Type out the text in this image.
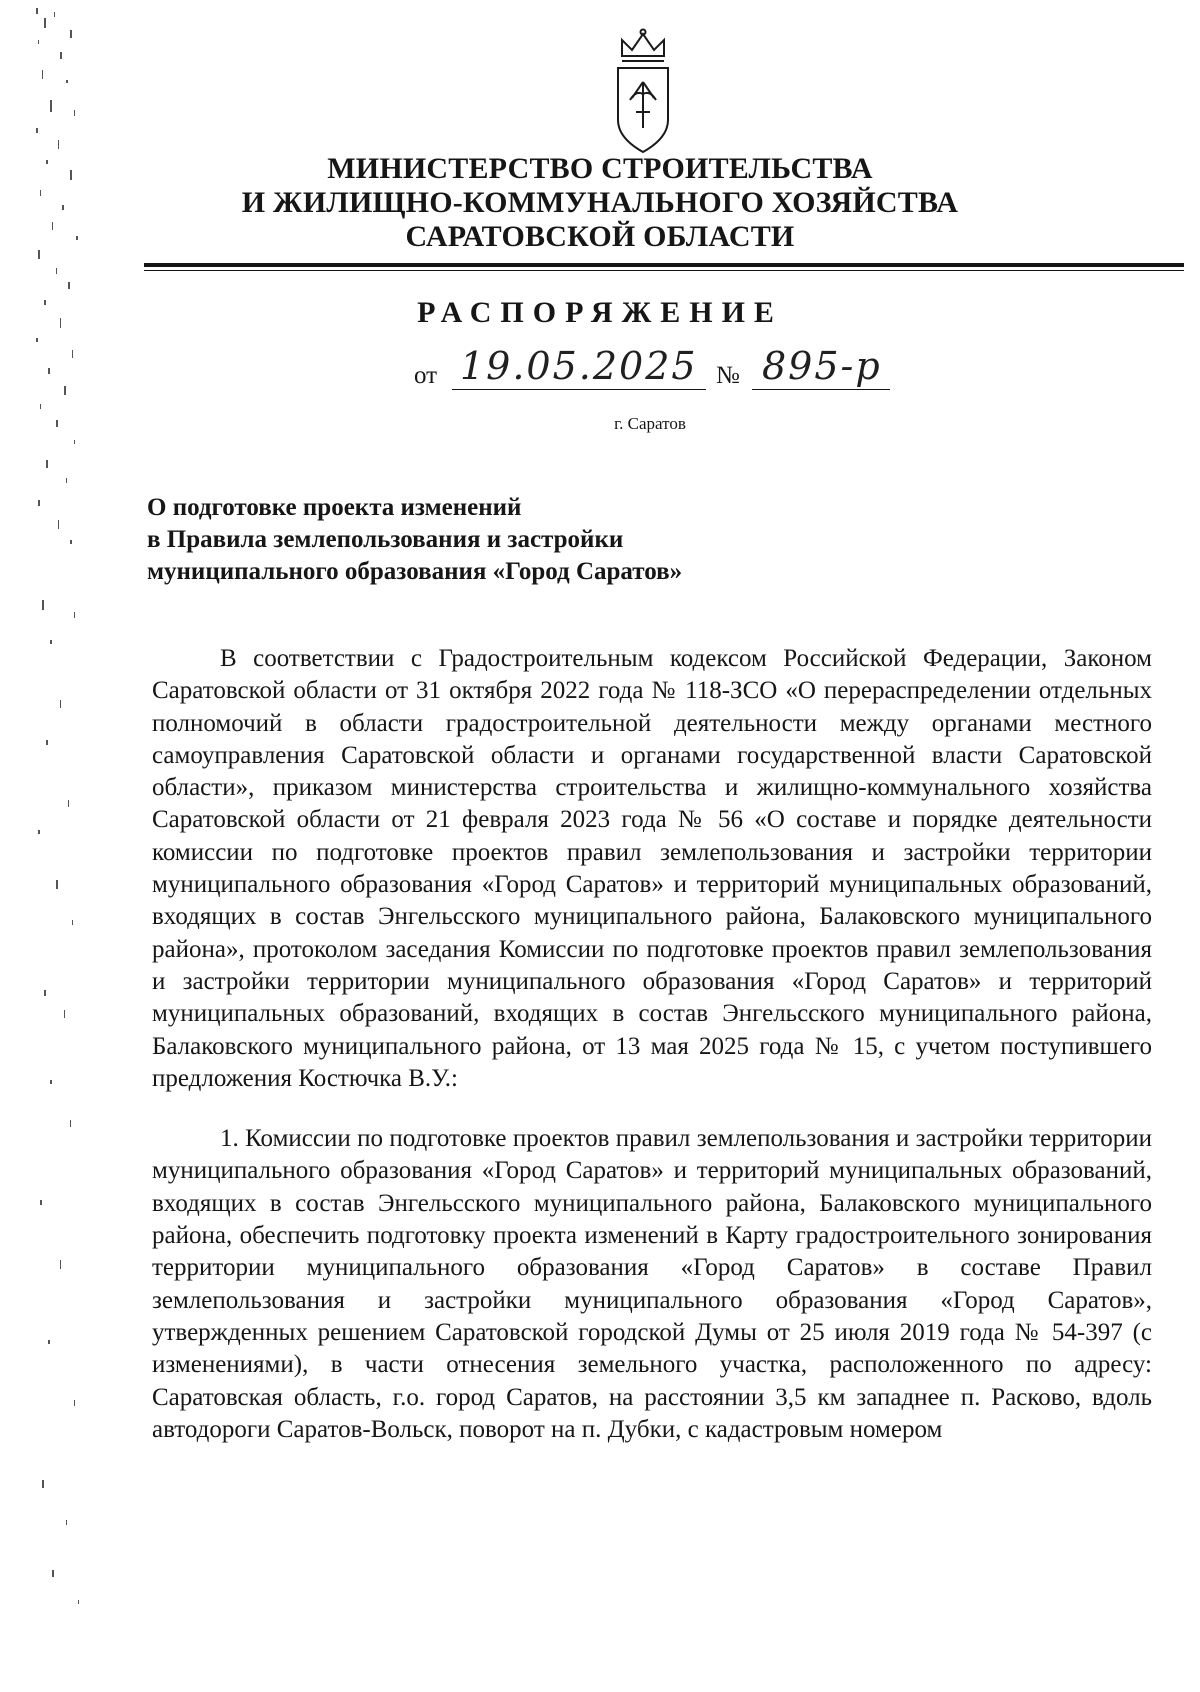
МИНИСТЕРСТВО СТРОИТЕЛЬСТВА
И ЖИЛИЩНО-КОММУНАЛЬНОГО ХОЗЯЙСТВА
САРАТОВСКОЙ ОБЛАСТИ
РАСПОРЯЖЕНИЕ
от 19.05.2025 № 895-р
г. Саратов
О подготовке проекта изменений
в Правила землепользования и застройки
муниципального образования «Город Саратов»

В соответствии с Градостроительным кодексом Российской Федерации, Законом Саратовской области от 31 октября 2022 года № 118-ЗСО «О перераспределении отдельных полномочий в области градостроительной деятельности между органами местного самоуправления Саратовской области и органами государственной власти Саратовской области», приказом министерства строительства и жилищно-коммунального хозяйства Саратовской области от 21 февраля 2023 года № 56 «О составе и порядке деятельности комиссии по подготовке проектов правил землепользования и застройки территории муниципального образования «Город Саратов» и территорий муниципальных образований, входящих в состав Энгельсского муниципального района, Балаковского муниципального района», протоколом заседания Комиссии по подготовке проектов правил землепользования и застройки территории муниципального образования «Город Саратов» и территорий муниципальных образований, входящих в состав Энгельсского муниципального района, Балаковского муниципального района, от 13 мая 2025 года № 15, с учетом поступившего предложения Костючка В.У.:

1. Комиссии по подготовке проектов правил землепользования и застройки территории муниципального образования «Город Саратов» и территорий муниципальных образований, входящих в состав Энгельсского муниципального района, Балаковского муниципального района, обеспечить подготовку проекта изменений в Карту градостроительного зонирования территории муниципального образования «Город Саратов» в составе Правил землепользования и застройки муниципального образования «Город Саратов», утвержденных решением Саратовской городской Думы от 25 июля 2019 года № 54-397 (с изменениями), в части отнесения земельного участка, расположенного по адресу: Саратовская область, г.о. город Саратов, на расстоянии 3,5 км западнее п. Расково, вдоль автодороги Саратов-Вольск, поворот на п. Дубки, с кадастровым номером
